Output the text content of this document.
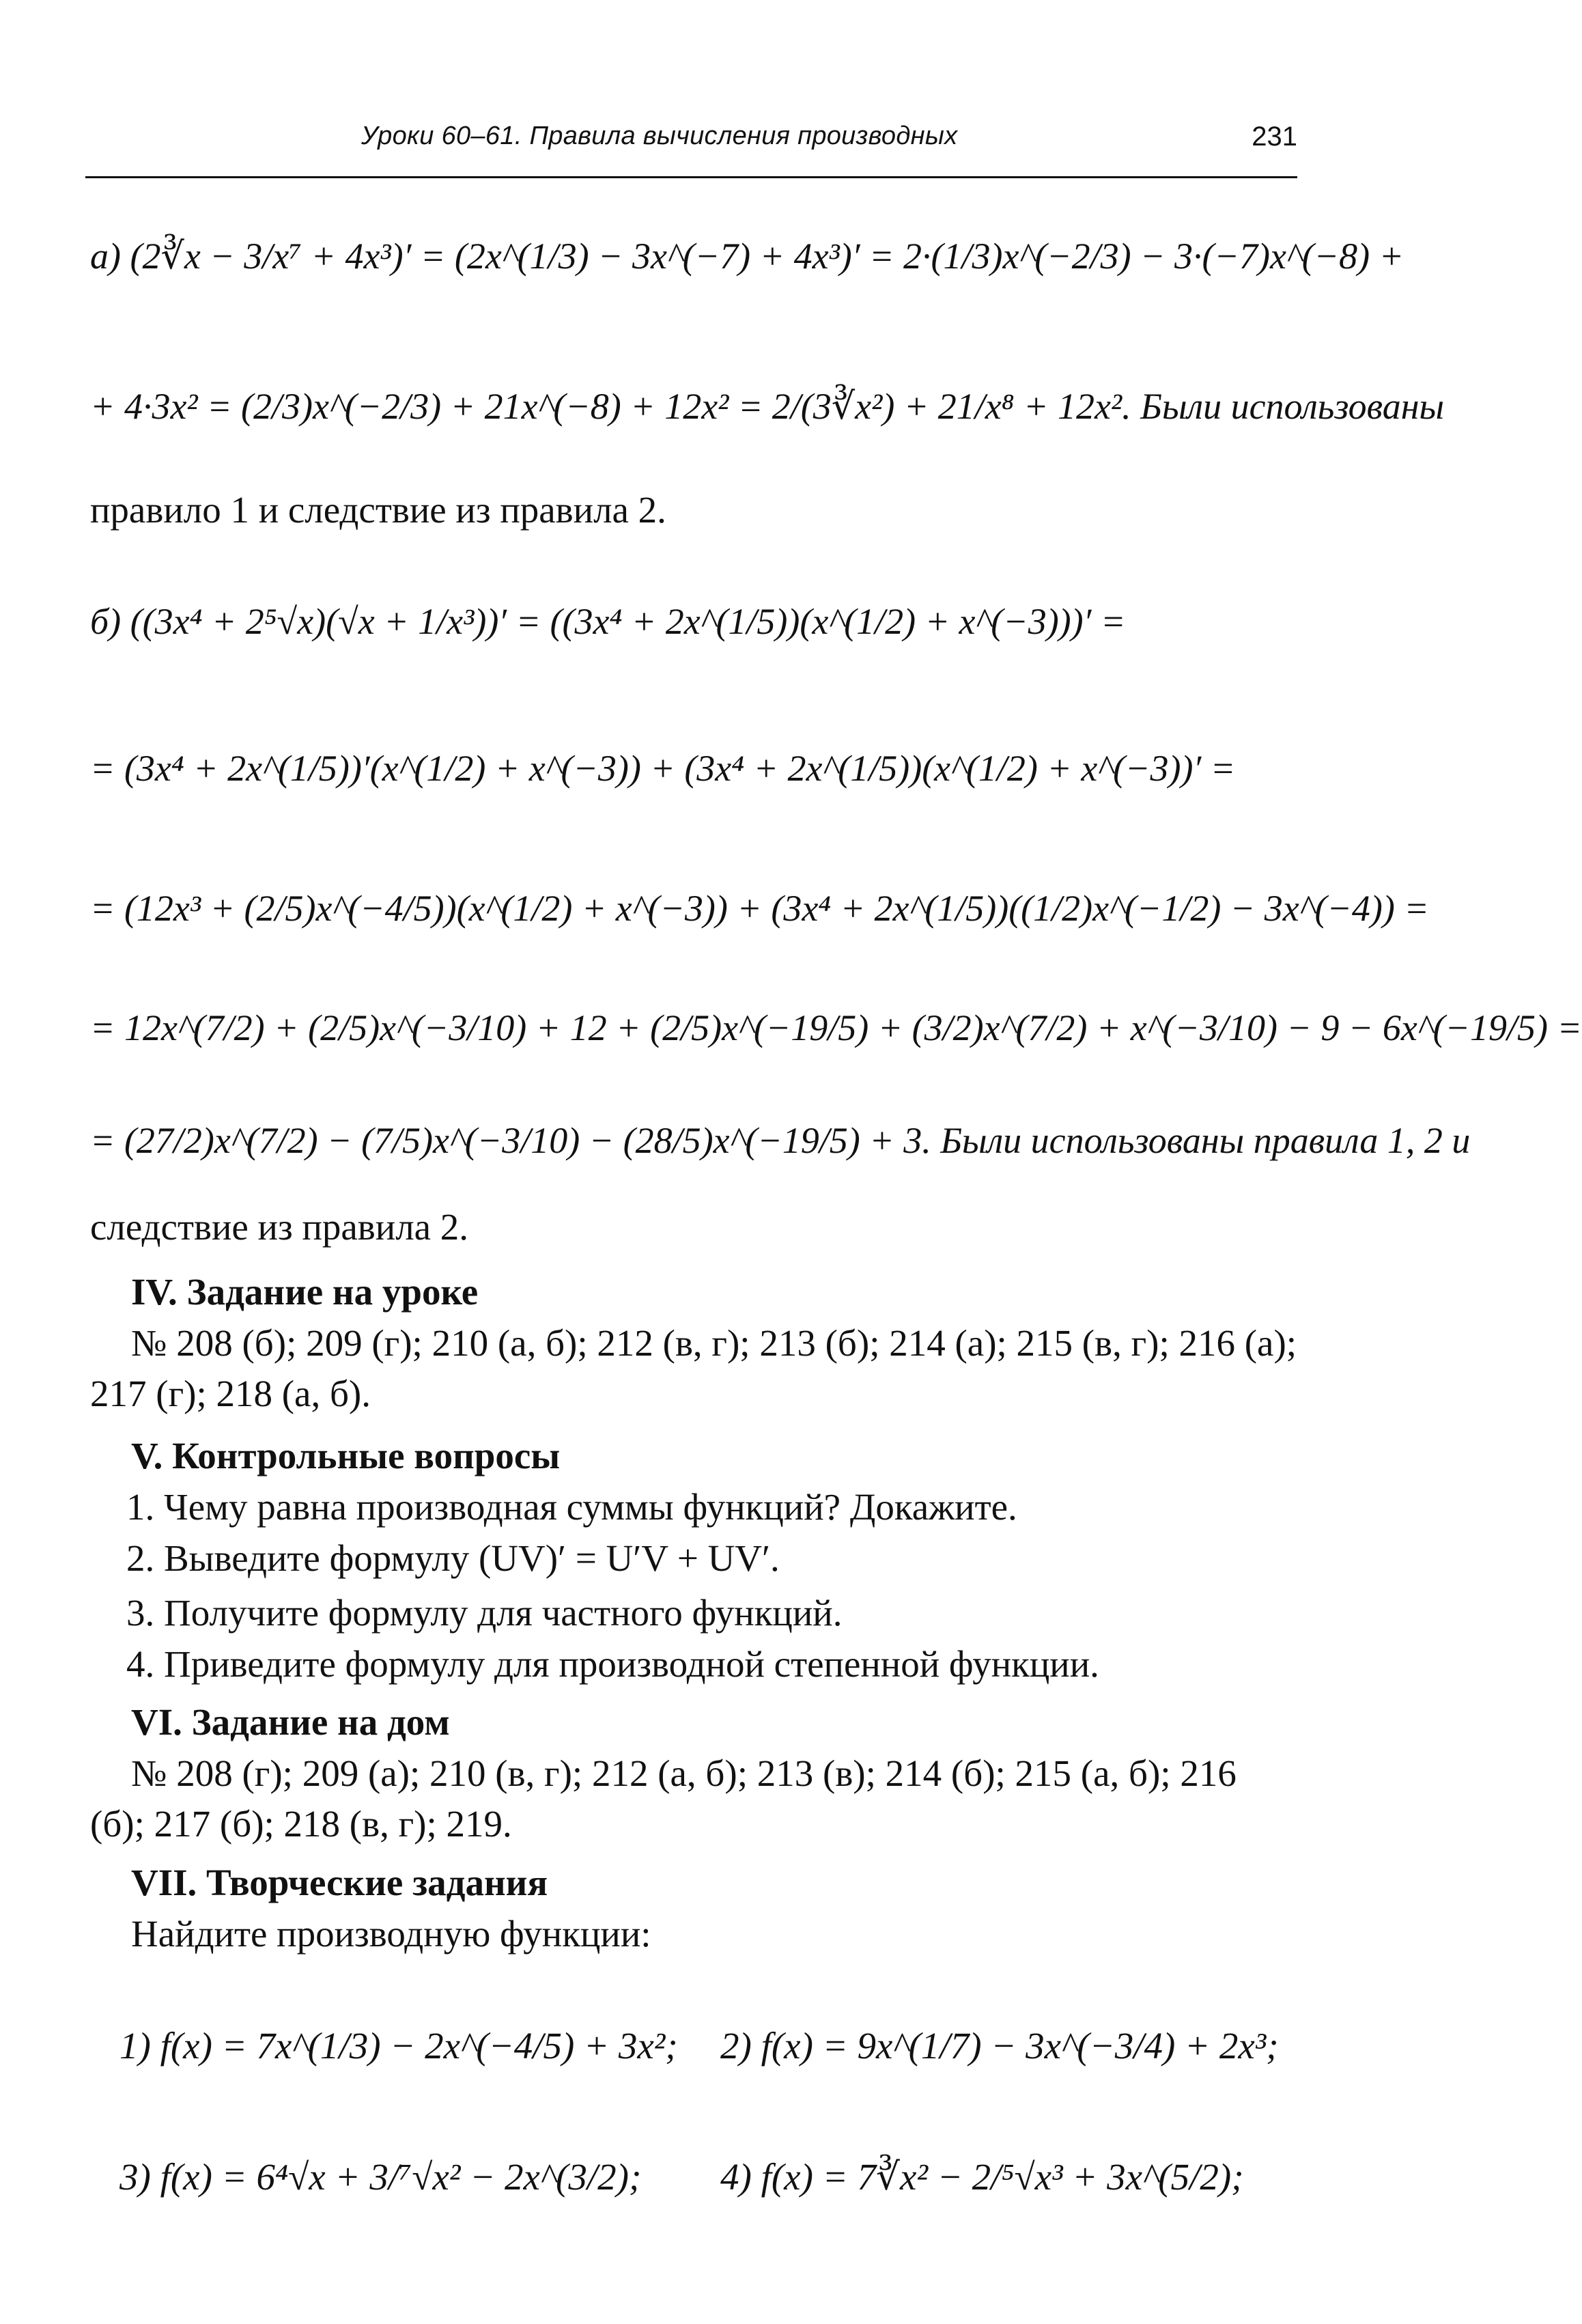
Уроки 60–61. Правила вычисления производных	231
а) (2∛x − 3/x⁷ + 4x³)′ = (2x^(1/3) − 3x^(−7) + 4x³)′ = 2·(1/3)x^(−2/3) − 3·(−7)x^(−8) +
+ 4·3x² = (2/3)x^(−2/3) + 21x^(−8) + 12x² = 2/(3∛x²) + 21/x⁸ + 12x². Были использованы
правило 1 и следствие из правила 2.
б) ((3x⁴ + 2⁵√x)(√x + 1/x³))′ = ((3x⁴ + 2x^(1/5))(x^(1/2) + x^(−3)))′ =
= (3x⁴ + 2x^(1/5))′(x^(1/2) + x^(−3)) + (3x⁴ + 2x^(1/5))(x^(1/2) + x^(−3))′ =
= (12x³ + (2/5)x^(−4/5))(x^(1/2) + x^(−3)) + (3x⁴ + 2x^(1/5))((1/2)x^(−1/2) − 3x^(−4)) =
= 12x^(7/2) + (2/5)x^(−3/10) + 12 + (2/5)x^(−19/5) + (3/2)x^(7/2) + x^(−3/10) − 9 − 6x^(−19/5) =
= (27/2)x^(7/2) − (7/5)x^(−3/10) − (28/5)x^(−19/5) + 3. Были использованы правила 1, 2 и
следствие из правила 2.
IV. Задание на уроке
№ 208 (б); 209 (г); 210 (а, б); 212 (в, г); 213 (б); 214 (а); 215 (в, г); 216 (а); 217 (г); 218 (а, б).
V. Контрольные вопросы
1. Чему равна производная суммы функций? Докажите.
2. Выведите формулу (UV)′ = U′V + UV′.
3. Получите формулу для частного функций.
4. Приведите формулу для производной степенной функции.
VI. Задание на дом
№ 208 (г); 209 (а); 210 (в, г); 212 (а, б); 213 (в); 214 (б); 215 (а, б); 216 (б); 217 (б); 218 (в, г); 219.
VII. Творческие задания
Найдите производную функции:
1) f(x) = 7x^(1/3) − 2x^(−4/5) + 3x²;	2) f(x) = 9x^(1/7) − 3x^(−3/4) + 2x³;
3) f(x) = 6⁴√x + 3/⁷√x² − 2x^(3/2);	4) f(x) = 7∛x² − 2/⁵√x³ + 3x^(5/2);
